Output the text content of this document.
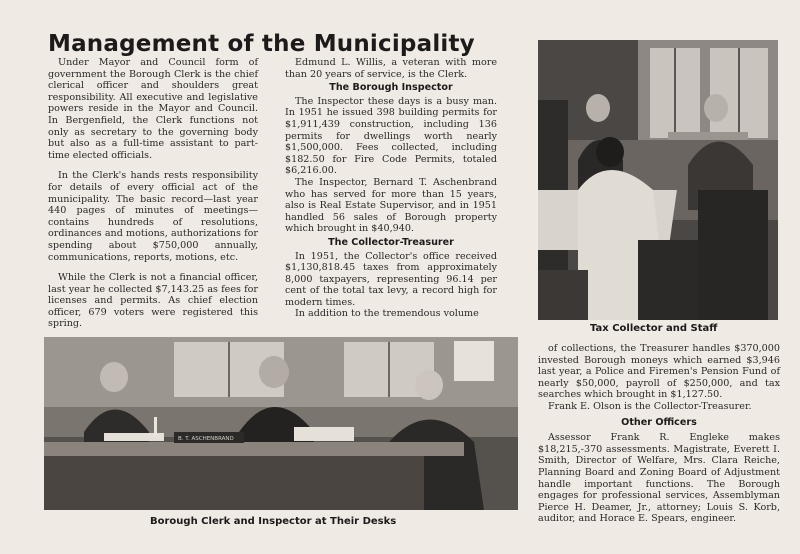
Management of the Municipality

Under Mayor and Council form of government the Borough Clerk is the chief clerical officer and shoulders great responsibility. All executive and legislative powers reside in the Mayor and Council. In Bergenfield, the Clerk functions not only as secretary to the governing body but also as a full-time assistant to part-time elected officials.

In the Clerk's hands rests responsibility for details of every official act of the municipality. The basic record—last year 440 pages of minutes of meetings—contains hundreds of resolutions, ordinances and motions, authorizations for spending about $750,000 annually, communications, reports, motions, etc.

While the Clerk is not a financial officer, last year he collected $7,143.25 as fees for licenses and permits. As chief election officer, 679 voters were registered this spring.

Edmund L. Willis, a veteran with more than 20 years of service, is the Clerk.

The Borough Inspector

The Inspector these days is a busy man. In 1951 he issued 398 building permits for $1,911,439 construction, including 136 permits for dwellings worth nearly $1,500,000. Fees collected, including $182.50 for Fire Code Permits, totaled $6,216.00.

The Inspector, Bernard T. Aschenbrand who has served for more than 15 years, also is Real Estate Supervisor, and in 1951 handled 56 sales of Borough property which brought in $40,940.

The Collector-Treasurer

In 1951, the Collector's office received $1,130,818.45 taxes from approximately 8,000 taxpayers, representing 96.14 per cent of the total tax levy, a record high for modern times.

In addition to the tremendous volume

Tax Collector and Staff
B. T. ASCHENBRAND
Borough Clerk and Inspector at Their Desks

of collections, the Treasurer handles $370,000 invested Borough moneys which earned $3,946 last year, a Police and Firemen's Pension Fund of nearly $50,000, payroll of $250,000, and tax searches which brought in $1,127.50.

Frank E. Olson is the Collector-Treasurer.

Other Officers

Assessor Frank R. Engleke makes $18,215,-370 assessments. Magistrate, Everett I. Smith, Director of Welfare, Mrs. Clara Reiche, Planning Board and Zoning Board of Adjustment handle important functions. The Borough engages for professional services, Assemblyman Pierce H. Deamer, Jr., attorney; Louis S. Korb, auditor, and Horace E. Spears, engineer.
